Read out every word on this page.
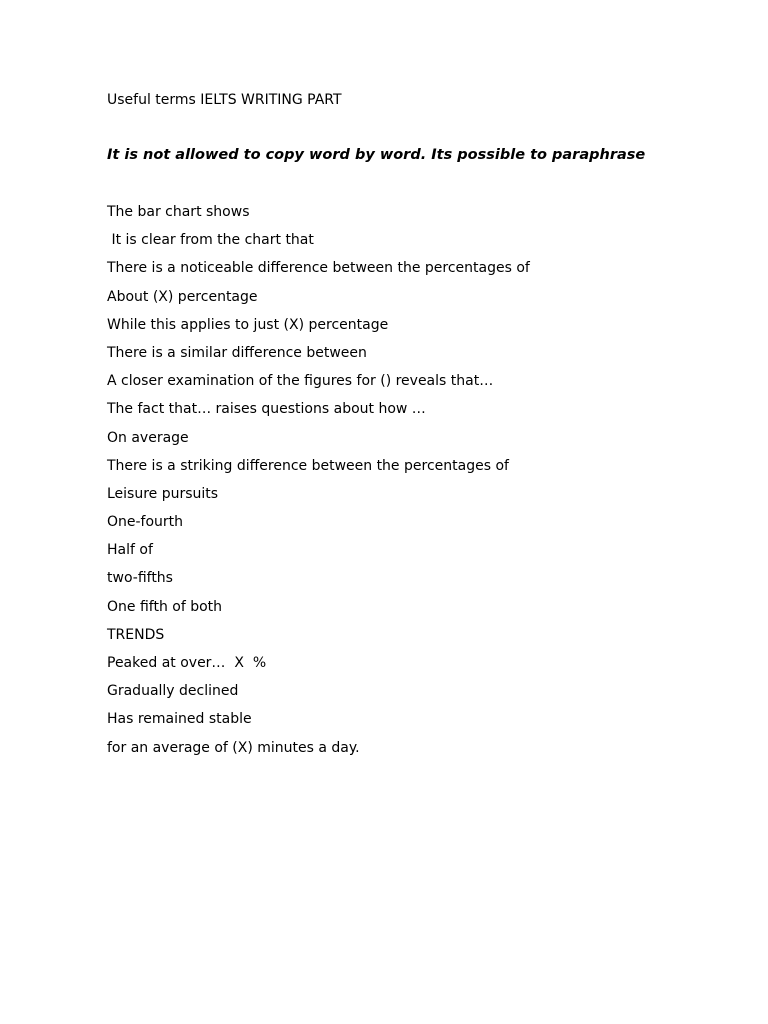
Useful terms IELTS WRITING PART
It is not allowed to copy word by word. Its possible to paraphrase
The bar chart shows
It is clear from the chart that
There is a noticeable difference between the percentages of
About (X) percentage
While this applies to just (X) percentage
There is a similar difference between
A closer examination of the figures for () reveals that…
The fact that… raises questions about how …
On average
There is a striking difference between the percentages of
Leisure pursuits
One-fourth
Half of
two-fifths
One fifth of both
TRENDS
Peaked at over…  X  %
Gradually declined
Has remained stable
for an average of (X) minutes a day.
